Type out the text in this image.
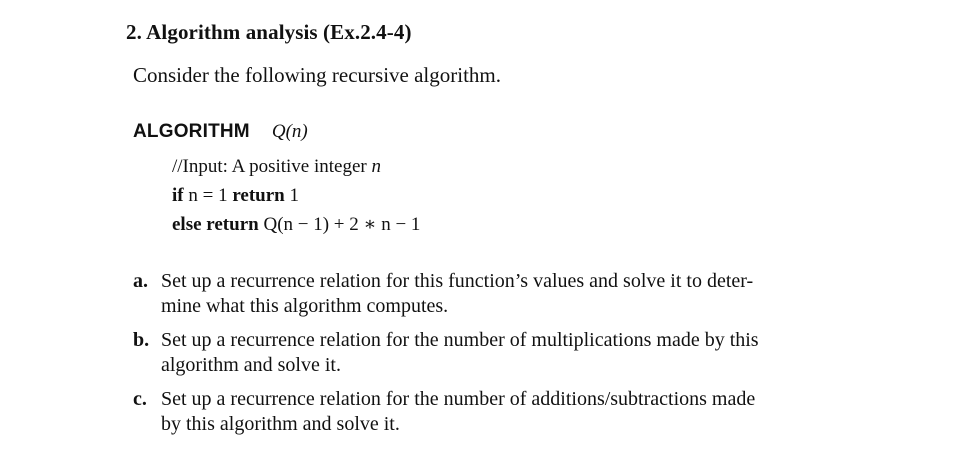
2. Algorithm analysis (Ex.2.4-4)
Consider the following recursive algorithm.
ALGORITHM Q(n)
//Input: A positive integer n
if n = 1 return 1
else return Q(n − 1) + 2 ∗ n − 1
a. Set up a recurrence relation for this function’s values and solve it to deter-
mine what this algorithm computes.
b. Set up a recurrence relation for the number of multiplications made by this
algorithm and solve it.
c. Set up a recurrence relation for the number of additions/subtractions made
by this algorithm and solve it.
